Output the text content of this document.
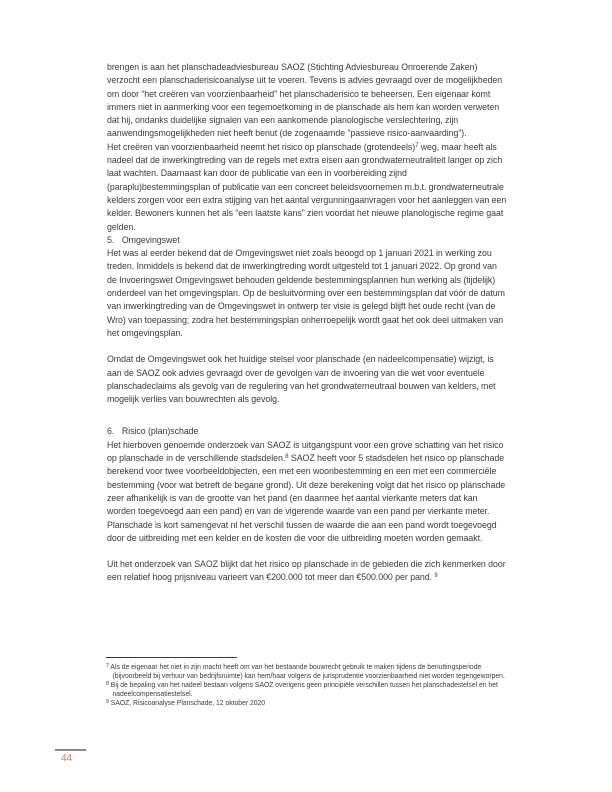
brengen is aan het planschadeadviesbureau SAOZ (Stichting Adviesbureau Onroerende Zaken) verzocht een planschaderisicoanalyse uit te voeren. Tevens is advies gevraagd over de mogelijkheden om door “het creëren van voorzienbaarheid” het planschaderisico te beheersen. Een eigenaar komt immers niet in aanmerking voor een tegemoetkoming in de planschade als hem kan worden verweten dat hij, ondanks duidelijke signalen van een aankomende planologische verslechtering, zijn aanwendingsmogelijkheden niet heeft benut (de zogenaamde “passieve risico-aanvaarding”).

Het creëren van voorzienbaarheid neemt het risico op planschade (grotendeels)$^7$ weg, maar heeft als nadeel dat de inwerkingtreding van de regels met extra eisen aan grondwaterneutraliteit langer op zich laat wachten. Daarnaast kan door de publicatie van een in voorbereiding zijnd (paraplu)bestemmingsplan of publicatie van een concreet beleidsvoornemen m.b.t. grondwaterneutrale kelders zorgen voor een extra stijging van het aantal vergunningaanvragen voor het aanleggen van een kelder. Bewoners kunnen het als “een laatste kans” zien voordat het nieuwe planologische regime gaat gelden.

5. Omgevingswet

Het was al eerder bekend dat de Omgevingswet niet zoals beoogd op 1 januari 2021 in werking zou treden. Inmiddels is bekend dat de inwerkingtreding wordt uitgesteld tot 1 januari 2022. Op grond van de Invoeringswet Omgevingswet behouden geldende bestemmingsplannen hun werking als (tijdelijk) onderdeel van het omgevingsplan. Op de besluitvorming over een bestemmingsplan dat vóór de datum van inwerkingtreding van de Omgevingswet in ontwerp ter visie is gelegd blijft het oude recht (van de Wro) van toepassing; zodra het bestemmingsplan onherroepelijk wordt gaat het ook deel uitmaken van het omgevingsplan.

Omdat de Omgevingswet ook het huidige stelsel voor planschade (en nadeelcompensatie) wijzigt, is aan de SAOZ ook advies gevraagd over de gevolgen van de invoering van die wet voor eventuele planschadeclaims als gevolg van de regulering van het grondwaterneutraal bouwen van kelders, met mogelijk verlies van bouwrechten als gevolg.

6. Risico (plan)schade

Het hierboven genoemde onderzoek van SAOZ is uitgangspunt voor een grove schatting van het risico op planschade in de verschillende stadsdelen.$^8$ SAOZ heeft voor 5 stadsdelen het risico op planschade berekend voor twee voorbeeldobjecten, een met een woonbestemming en een met een commerciële bestemming (voor wat betreft de begane grond). Uit deze berekening volgt dat het risico op planschade zeer afhankelijk is van de grootte van het pand (en daarmee het aantal vierkante meters dat kan worden toegevoegd aan een pand) en van de vigerende waarde van een pand per vierkante meter. Planschade is kort samengevat nl het verschil tussen de waarde die aan een pand wordt toegevoegd door de uitbreiding met een kelder en de kosten die voor die uitbreiding moeten worden gemaakt.

Uit het onderzoek van SAOZ blijkt dat het risico op planschade in de gebieden die zich kenmerken door een relatief hoog prijsniveau varieert van €200.000 tot meer dan €500.000 per pand. $^9$

$^7$ Als de eigenaar het niet in zijn macht heeft om van het bestaande bouwrecht gebruik te maken tijdens de benuttingsperiode (bijvoorbeeld bij verhuur van bedrijfsruimte) kan hem/haar volgens de jurisprudentie voorzienbaarheid niet worden tegengeworpen.

$^8$ Bij de bepaling van het nadeel bestaan volgens SAOZ overigens geen principiële verschillen tussen het planschadestelsel en het nadeelcompensatiestelsel.

$^9$ SAOZ, Risicoanalyse Planschade, 12 oktober 2020

44
